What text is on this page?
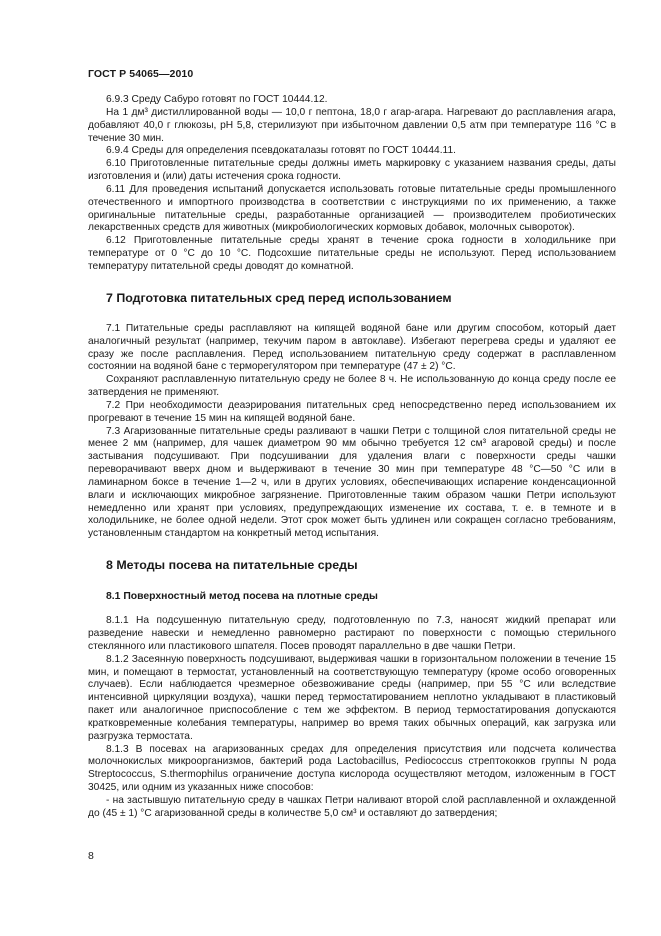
ГОСТ Р 54065—2010

6.9.3 Среду Сабуро готовят по ГОСТ 10444.12.

На 1 дм³ дистиллированной воды — 10,0 г пептона, 18,0 г агар-агара. Нагревают до расплавления агара, добавляют 40,0 г глюкозы, рН 5,8, стерилизуют при избыточном давлении 0,5 атм при температуре 116 °С в течение 30 мин.

6.9.4 Среды для определения псевдокаталазы готовят по ГОСТ 10444.11.

6.10 Приготовленные питательные среды должны иметь маркировку с указанием названия среды, даты изготовления и (или) даты истечения срока годности.

6.11 Для проведения испытаний допускается использовать готовые питательные среды промышленного отечественного и импортного производства в соответствии с инструкциями по их применению, а также оригинальные питательные среды, разработанные организацией — производителем пробиотических лекарственных средств для животных (микробиологических кормовых добавок, молочных сывороток).

6.12 Приготовленные питательные среды хранят в течение срока годности в холодильнике при температуре от 0 °С до 10 °С. Подсохшие питательные среды не используют. Перед использованием температуру питательной среды доводят до комнатной.

7 Подготовка питательных сред перед использованием

7.1 Питательные среды расплавляют на кипящей водяной бане или другим способом, который дает аналогичный результат (например, текучим паром в автоклаве). Избегают перегрева среды и удаляют ее сразу же после расплавления. Перед использованием питательную среду содержат в расплавленном состоянии на водяной бане с терморегулятором при температуре (47 ± 2) °С.

Сохраняют расплавленную питательную среду не более 8 ч. Не использованную до конца среду после ее затвердения не применяют.

7.2 При необходимости деаэрирования питательных сред непосредственно перед использованием их прогревают в течение 15 мин на кипящей водяной бане.

7.3 Агаризованные питательные среды разливают в чашки Петри с толщиной слоя питательной среды не менее 2 мм (например, для чашек диаметром 90 мм обычно требуется 12 см³ агаровой среды) и после застывания подсушивают. При подсушивании для удаления влаги с поверхности среды чашки переворачивают вверх дном и выдерживают в течение 30 мин при температуре 48 °С—50 °С или в ламинарном боксе в течение 1—2 ч, или в других условиях, обеспечивающих испарение конденсационной влаги и исключающих микробное загрязнение. Приготовленные таким образом чашки Петри используют немедленно или хранят при условиях, предупреждающих изменение их состава, т. е. в темноте и в холодильнике, не более одной недели. Этот срок может быть удлинен или сокращен согласно требованиям, установленным стандартом на конкретный метод испытания.

8 Методы посева на питательные среды
8.1 Поверхностный метод посева на плотные среды

8.1.1 На подсушенную питательную среду, подготовленную по 7.3, наносят жидкий препарат или разведение навески и немедленно равномерно растирают по поверхности с помощью стерильного стеклянного или пластикового шпателя. Посев проводят параллельно в две чашки Петри.

8.1.2 Засеянную поверхность подсушивают, выдерживая чашки в горизонтальном положении в течение 15 мин, и помещают в термостат, установленный на соответствующую температуру (кроме особо оговоренных случаев). Если наблюдается чрезмерное обезвоживание среды (например, при 55 °С или вследствие интенсивной циркуляции воздуха), чашки перед термостатированием неплотно укладывают в пластиковый пакет или аналогичное приспособление с тем же эффектом. В период термостатирования допускаются кратковременные колебания температуры, например во время таких обычных операций, как загрузка или разгрузка термостата.

8.1.3 В посевах на агаризованных средах для определения присутствия или подсчета количества молочнокислых микроорганизмов, бактерий рода Lactobacillus, Pediococcus стрептококков группы N рода Streptococcus, S.thermophilus ограничение доступа кислорода осуществляют методом, изложенным в ГОСТ 30425, или одним из указанных ниже способов:

- на застывшую питательную среду в чашках Петри наливают второй слой расплавленной и охлажденной до (45 ± 1) °С агаризованной среды в количестве 5,0 см³ и оставляют до затвердения;

8
